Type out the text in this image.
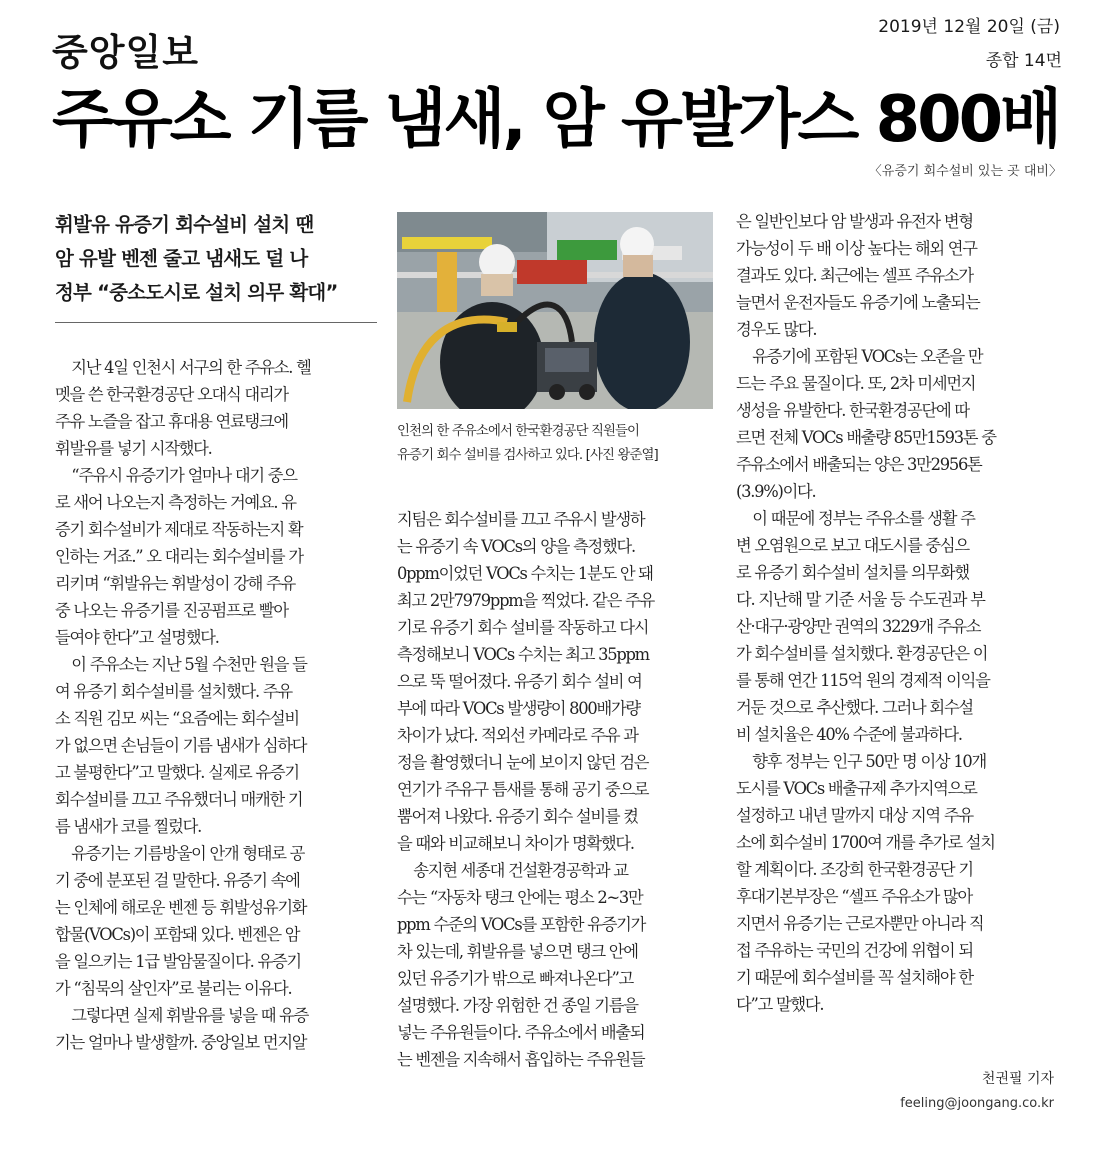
중앙일보
2019년 12월 20일 (금)
종합 14면
주유소 기름 냄새, 암 유발가스 800배
〈유증기 회수설비 있는 곳 대비〉
휘발유 유증기 회수설비 설치 땐
암 유발 벤젠 줄고 냄새도 덜 나
정부 “중소도시로 설치 의무 확대”
인천의 한 주유소에서 한국환경공단 직원들이
유증기 회수 설비를 검사하고 있다. [사진 왕준열]
지난 4일 인천시 서구의 한 주유소. 헬
멧을 쓴 한국환경공단 오대식 대리가
주유 노즐을 잡고 휴대용 연료탱크에
휘발유를 넣기 시작했다.
“주유시 유증기가 얼마나 대기 중으
로 새어 나오는지 측정하는 거예요. 유
증기 회수설비가 제대로 작동하는지 확
인하는 거죠.” 오 대리는 회수설비를 가
리키며 “휘발유는 휘발성이 강해 주유
중 나오는 유증기를 진공펌프로 빨아
들여야 한다”고 설명했다.
이 주유소는 지난 5월 수천만 원을 들
여 유증기 회수설비를 설치했다. 주유
소 직원 김모 씨는 “요즘에는 회수설비
가 없으면 손님들이 기름 냄새가 심하다
고 불평한다”고 말했다. 실제로 유증기
회수설비를 끄고 주유했더니 매캐한 기
름 냄새가 코를 찔렀다.
유증기는 기름방울이 안개 형태로 공
기 중에 분포된 걸 말한다. 유증기 속에
는 인체에 해로운 벤젠 등 휘발성유기화
합물(VOCs)이 포함돼 있다. 벤젠은 암
을 일으키는 1급 발암물질이다. 유증기
가 “침묵의 살인자”로 불리는 이유다.
그렇다면 실제 휘발유를 넣을 때 유증
기는 얼마나 발생할까. 중앙일보 먼지알
지팀은 회수설비를 끄고 주유시 발생하
는 유증기 속 VOCs의 양을 측정했다.
0ppm이었던 VOCs 수치는 1분도 안 돼
최고 2만7979ppm을 찍었다. 같은 주유
기로 유증기 회수 설비를 작동하고 다시
측정해보니 VOCs 수치는 최고 35ppm
으로 뚝 떨어졌다. 유증기 회수 설비 여
부에 따라 VOCs 발생량이 800배가량
차이가 났다. 적외선 카메라로 주유 과
정을 촬영했더니 눈에 보이지 않던 검은
연기가 주유구 틈새를 통해 공기 중으로
뿜어져 나왔다. 유증기 회수 설비를 켰
을 때와 비교해보니 차이가 명확했다.
송지현 세종대 건설환경공학과 교
수는 “자동차 탱크 안에는 평소 2~3만
ppm 수준의 VOCs를 포함한 유증기가
차 있는데, 휘발유를 넣으면 탱크 안에
있던 유증기가 밖으로 빠져나온다”고
설명했다. 가장 위험한 건 종일 기름을
넣는 주유원들이다. 주유소에서 배출되
는 벤젠을 지속해서 흡입하는 주유원들
은 일반인보다 암 발생과 유전자 변형
가능성이 두 배 이상 높다는 해외 연구
결과도 있다. 최근에는 셀프 주유소가
늘면서 운전자들도 유증기에 노출되는
경우도 많다.
유증기에 포함된 VOCs는 오존을 만
드는 주요 물질이다. 또, 2차 미세먼지
생성을 유발한다. 한국환경공단에 따
르면 전체 VOCs 배출량 85만1593톤 중
주유소에서 배출되는 양은 3만2956톤
(3.9%)이다.
이 때문에 정부는 주유소를 생활 주
변 오염원으로 보고 대도시를 중심으
로 유증기 회수설비 설치를 의무화했
다. 지난해 말 기준 서울 등 수도권과 부
산·대구·광양만 권역의 3229개 주유소
가 회수설비를 설치했다. 환경공단은 이
를 통해 연간 115억 원의 경제적 이익을
거둔 것으로 추산했다. 그러나 회수설
비 설치율은 40% 수준에 불과하다.
향후 정부는 인구 50만 명 이상 10개
도시를 VOCs 배출규제 추가지역으로
설정하고 내년 말까지 대상 지역 주유
소에 회수설비 1700여 개를 추가로 설치
할 계획이다. 조강희 한국환경공단 기
후대기본부장은 “셀프 주유소가 많아
지면서 유증기는 근로자뿐만 아니라 직
접 주유하는 국민의 건강에 위협이 되
기 때문에 회수설비를 꼭 설치해야 한
다”고 말했다.
천권필 기자
feeling@joongang.co.kr
